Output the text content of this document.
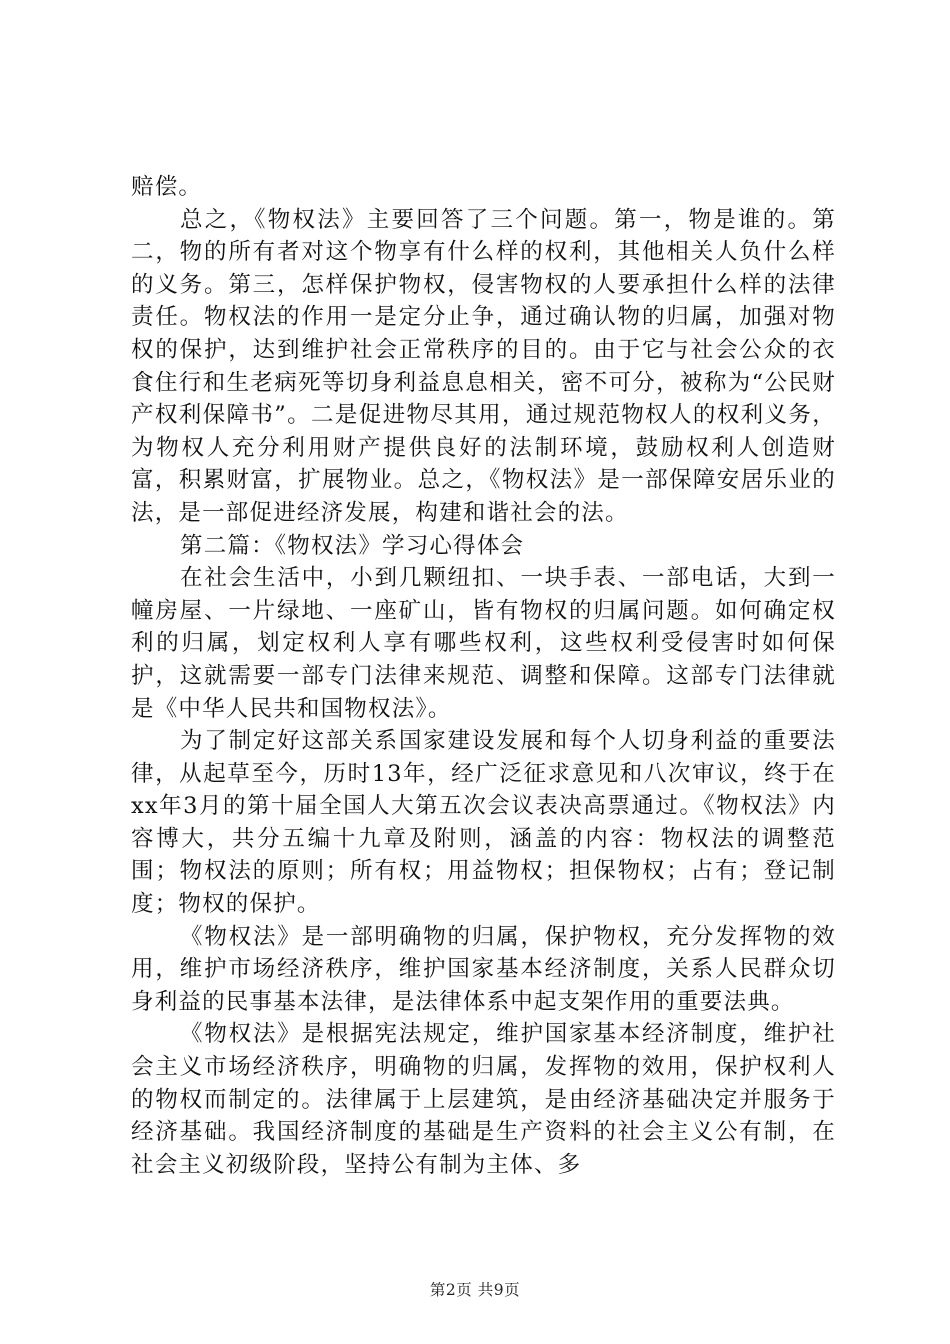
赔偿。

总之，《物权法》主要回答了三个问题。第一，物是谁的。第二，物的所有者对这个物享有什么样的权利，其他相关人负什么样的义务。第三，怎样保护物权，侵害物权的人要承担什么样的法律责任。物权法的作用一是定分止争，通过确认物的归属，加强对物权的保护，达到维护社会正常秩序的目的。由于它与社会公众的衣食住行和生老病死等切身利益息息相关，密不可分，被称为“公民财产权利保障书”。二是促进物尽其用，通过规范物权人的权利义务，为物权人充分利用财产提供良好的法制环境，鼓励权利人创造财富，积累财富，扩展物业。总之，《物权法》是一部保障安居乐业的法，是一部促进经济发展，构建和谐社会的法。

第二篇：《物权法》学习心得体会

在社会生活中，小到几颗纽扣、一块手表、一部电话，大到一幢房屋、一片绿地、一座矿山，皆有物权的归属问题。如何确定权利的归属，划定权利人享有哪些权利，这些权利受侵害时如何保护，这就需要一部专门法律来规范、调整和保障。这部专门法律就是《中华人民共和国物权法》。

为了制定好这部关系国家建设发展和每个人切身利益的重要法律，从起草至今，历时13年，经广泛征求意见和八次审议，终于在xx年3月的第十届全国人大第五次会议表决高票通过。《物权法》内容博大，共分五编十九章及附则，涵盖的内容：物权法的调整范围；物权法的原则；所有权；用益物权；担保物权；占有；登记制度；物权的保护。

《物权法》是一部明确物的归属，保护物权，充分发挥物的效用，维护市场经济秩序，维护国家基本经济制度，关系人民群众切身利益的民事基本法律，是法律体系中起支架作用的重要法典。

《物权法》是根据宪法规定，维护国家基本经济制度，维护社会主义市场经济秩序，明确物的归属，发挥物的效用，保护权利人的物权而制定的。法律属于上层建筑，是由经济基础决定并服务于经济基础。我国经济制度的基础是生产资料的社会主义公有制，在社会主义初级阶段，坚持公有制为主体、多

第2页 共9页
